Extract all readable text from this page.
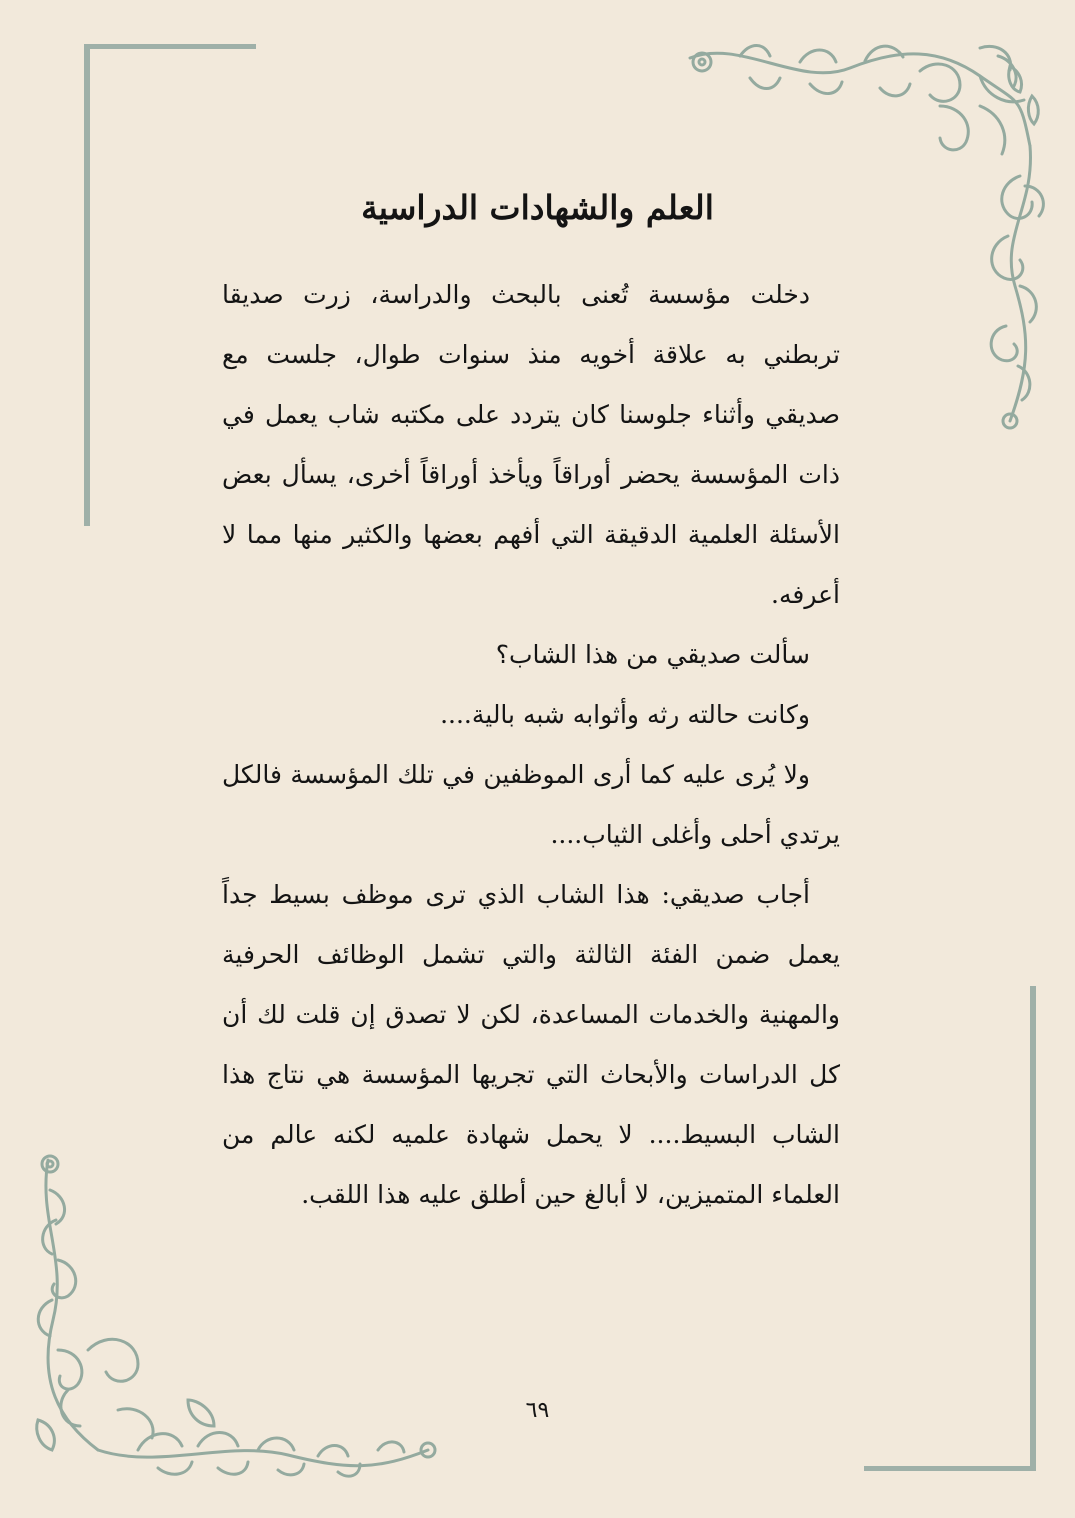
العلم والشهادات الدراسية

دخلت مؤسسة تُعنى بالبحث والدراسة، زرت صديقا تربطني به علاقة أخويه منذ سنوات طوال، جلست مع صديقي وأثناء جلوسنا كان يتردد على مكتبه شاب يعمل في ذات المؤسسة يحضر أوراقاً ويأخذ أوراقاً أخرى، يسأل بعض الأسئلة العلمية الدقيقة التي أفهم بعضها والكثير منها مما لا أعرفه.

سألت صديقي من هذا الشاب؟

وكانت حالته رثه وأثوابه شبه بالية....

ولا يُرى عليه كما أرى الموظفين في تلك المؤسسة فالكل يرتدي أحلى وأغلى الثياب....

أجاب صديقي: هذا الشاب الذي ترى موظف بسيط جداً يعمل ضمن الفئة الثالثة والتي تشمل الوظائف الحرفية والمهنية والخدمات المساعدة، لكن لا تصدق إن قلت لك أن كل الدراسات والأبحاث التي تجريها المؤسسة هي نتاج هذا الشاب البسيط.... لا يحمل شهادة علميه لكنه عالم من العلماء المتميزين، لا أبالغ حين أطلق عليه هذا اللقب.

٦٩
